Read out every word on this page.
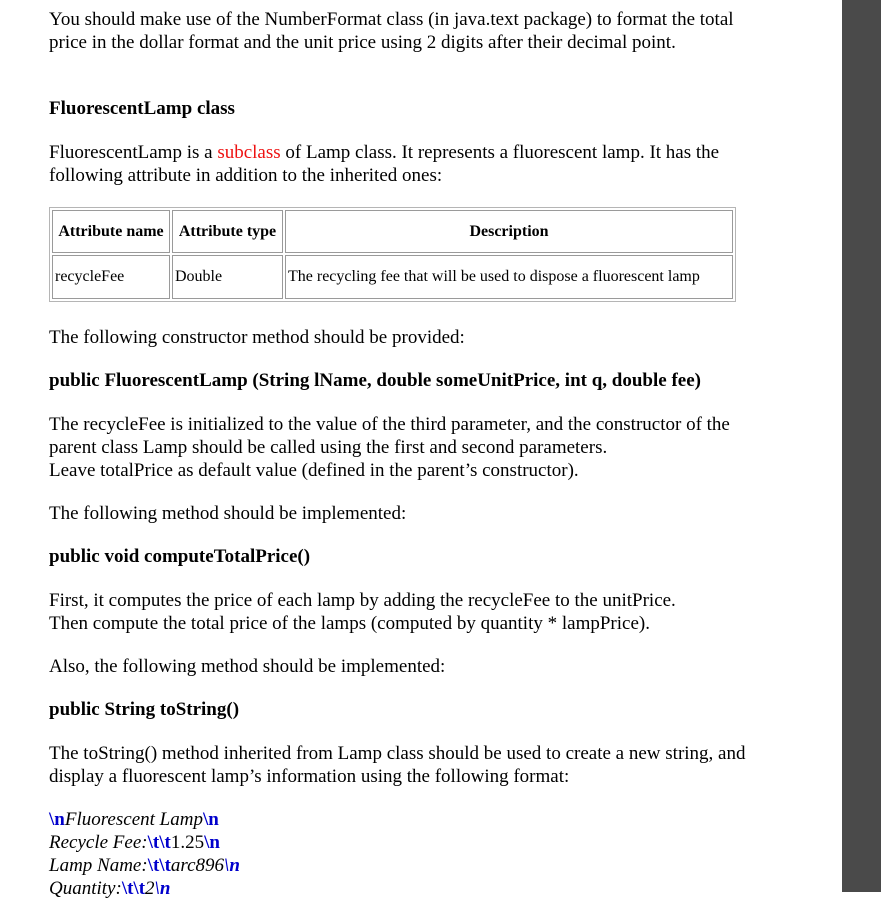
You should make use of the NumberFormat class (in java.text package) to format the total price in the dollar format and the unit price using 2 digits after their decimal point.

FluorescentLamp class

FluorescentLamp is a subclass of Lamp class. It represents a fluorescent lamp. It has the following attribute in addition to the inherited ones:

Attribute name	Attribute type	Description
recycleFee	Double	The recycling fee that will be used to dispose a fluorescent lamp

The following constructor method should be provided:

public FluorescentLamp (String lName, double someUnitPrice, int q, double fee)

The recycleFee is initialized to the value of the third parameter, and the constructor of the parent class Lamp should be called using the first and second parameters.
Leave totalPrice as default value (defined in the parent’s constructor).

The following method should be implemented:

public void computeTotalPrice()

First, it computes the price of each lamp by adding the recycleFee to the unitPrice.
Then compute the total price of the lamps (computed by quantity * lampPrice).

Also, the following method should be implemented:

public String toString()

The toString() method inherited from Lamp class should be used to create a new string, and display a fluorescent lamp’s information using the following format:

\nFluorescent Lamp\n
Recycle Fee:\t\t1.25\n
Lamp Name:\t\tarc896\n
Quantity:\t\t2\n
